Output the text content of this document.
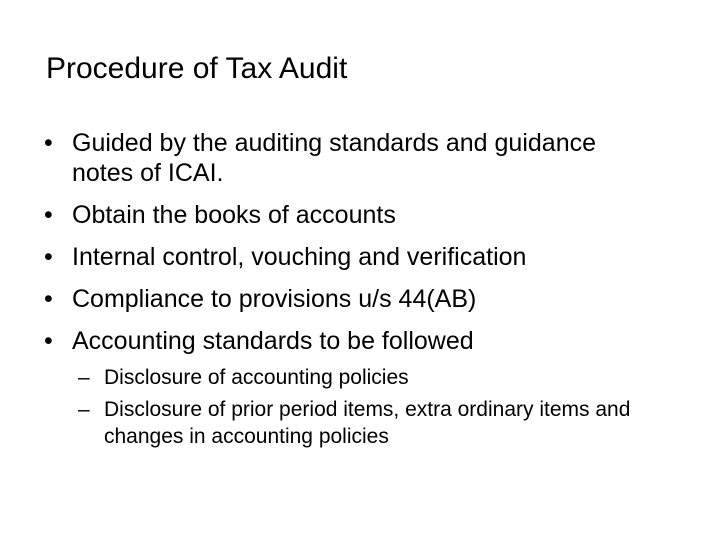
Procedure of Tax Audit
• Guided by the auditing standards and guidance notes of ICAI.
• Obtain the books of accounts
• Internal control, vouching and verification
• Compliance to provisions u/s 44(AB)
• Accounting standards to be followed
– Disclosure of accounting policies
– Disclosure of prior period items, extra ordinary items and changes in accounting policies
